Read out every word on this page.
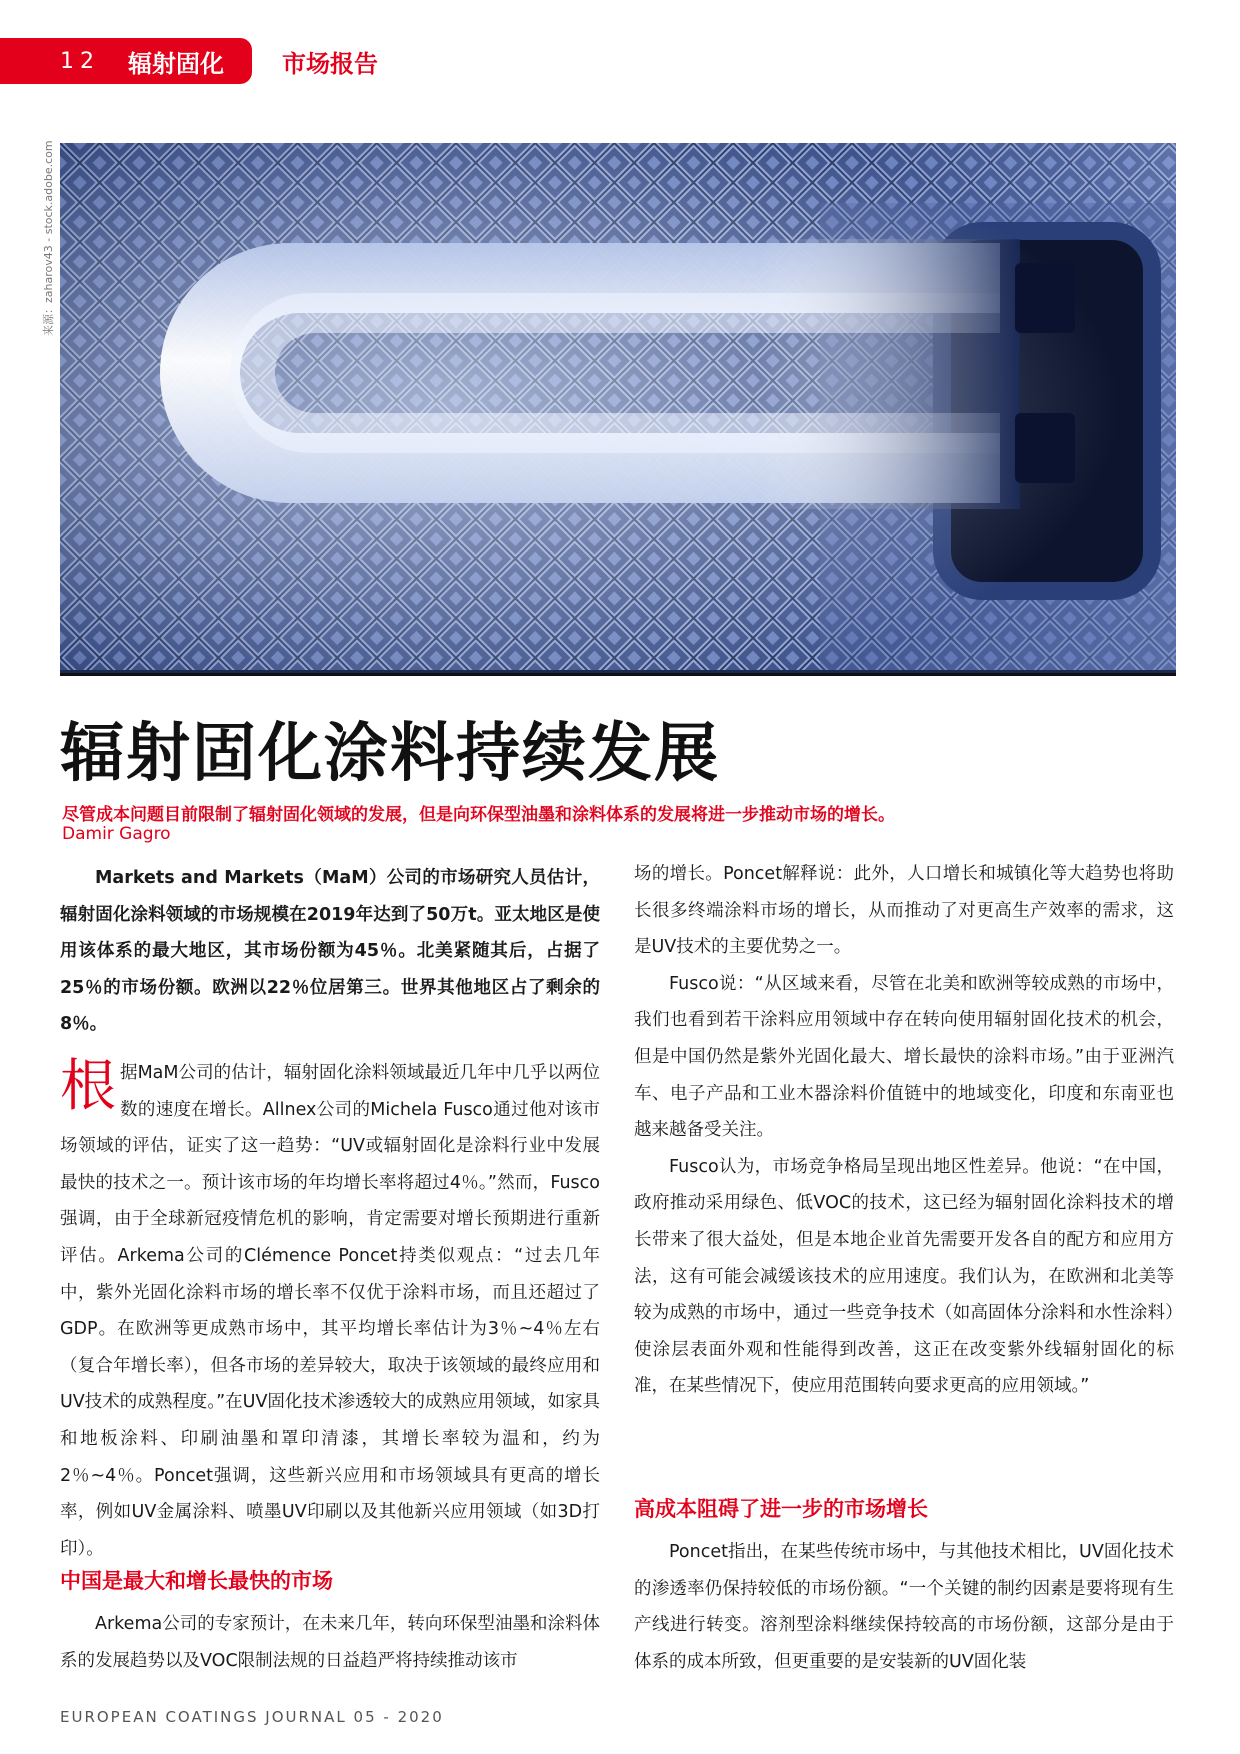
12 辐射固化 市场报告
来源：zaharov43 - stock.adobe.com
辐射固化涂料持续发展
尽管成本问题目前限制了辐射固化领域的发展，但是向环保型油墨和涂料体系的发展将进一步推动市场的增长。
Damir Gagro

Markets and Markets（MaM）公司的市场研究人员估计，辐射固化涂料领域的市场规模在2019年达到了50万t。亚太地区是使用该体系的最大地区，其市场份额为45％。北美紧随其后，占据了25％的市场份额。欧洲以22％位居第三。世界其他地区占了剩余的8％。

根据MaM公司的估计，辐射固化涂料领域最近几年中几乎以两位数的速度在增长。Allnex公司的Michela Fusco通过他对该市场领域的评估，证实了这一趋势：“UV或辐射固化是涂料行业中发展最快的技术之一。预计该市场的年均增长率将超过4％。”然而，Fusco强调，由于全球新冠疫情危机的影响，肯定需要对增长预期进行重新评估。Arkema公司的Clémence Poncet持类似观点：“过去几年中，紫外光固化涂料市场的增长率不仅优于涂料市场，而且还超过了GDP。在欧洲等更成熟市场中，其平均增长率估计为3％~4％左右（复合年增长率），但各市场的差异较大，取决于该领域的最终应用和UV技术的成熟程度。”在UV固化技术渗透较大的成熟应用领域，如家具和地板涂料、印刷油墨和罩印清漆，其增长率较为温和，约为2％~4％。Poncet强调，这些新兴应用和市场领域具有更高的增长率，例如UV金属涂料、喷墨UV印刷以及其他新兴应用领域（如3D打印）。

中国是最大和增长最快的市场

Arkema公司的专家预计，在未来几年，转向环保型油墨和涂料体系的发展趋势以及VOC限制法规的日益趋严将持续推动该市

场的增长。Poncet解释说：此外，人口增长和城镇化等大趋势也将助长很多终端涂料市场的增长，从而推动了对更高生产效率的需求，这是UV技术的主要优势之一。

Fusco说：“从区域来看，尽管在北美和欧洲等较成熟的市场中，我们也看到若干涂料应用领域中存在转向使用辐射固化技术的机会，但是中国仍然是紫外光固化最大、增长最快的涂料市场。”由于亚洲汽车、电子产品和工业木器涂料价值链中的地域变化，印度和东南亚也越来越备受关注。

Fusco认为，市场竞争格局呈现出地区性差异。他说：“在中国，政府推动采用绿色、低VOC的技术，这已经为辐射固化涂料技术的增长带来了很大益处，但是本地企业首先需要开发各自的配方和应用方法，这有可能会减缓该技术的应用速度。我们认为，在欧洲和北美等较为成熟的市场中，通过一些竞争技术（如高固体分涂料和水性涂料）使涂层表面外观和性能得到改善，这正在改变紫外线辐射固化的标准，在某些情况下，使应用范围转向要求更高的应用领域。”

高成本阻碍了进一步的市场增长

Poncet指出，在某些传统市场中，与其他技术相比，UV固化技术的渗透率仍保持较低的市场份额。“一个关键的制约因素是要将现有生产线进行转变。溶剂型涂料继续保持较高的市场份额，这部分是由于体系的成本所致，但更重要的是安装新的UV固化装

EUROPEAN COATINGS JOURNAL 05 - 2020
